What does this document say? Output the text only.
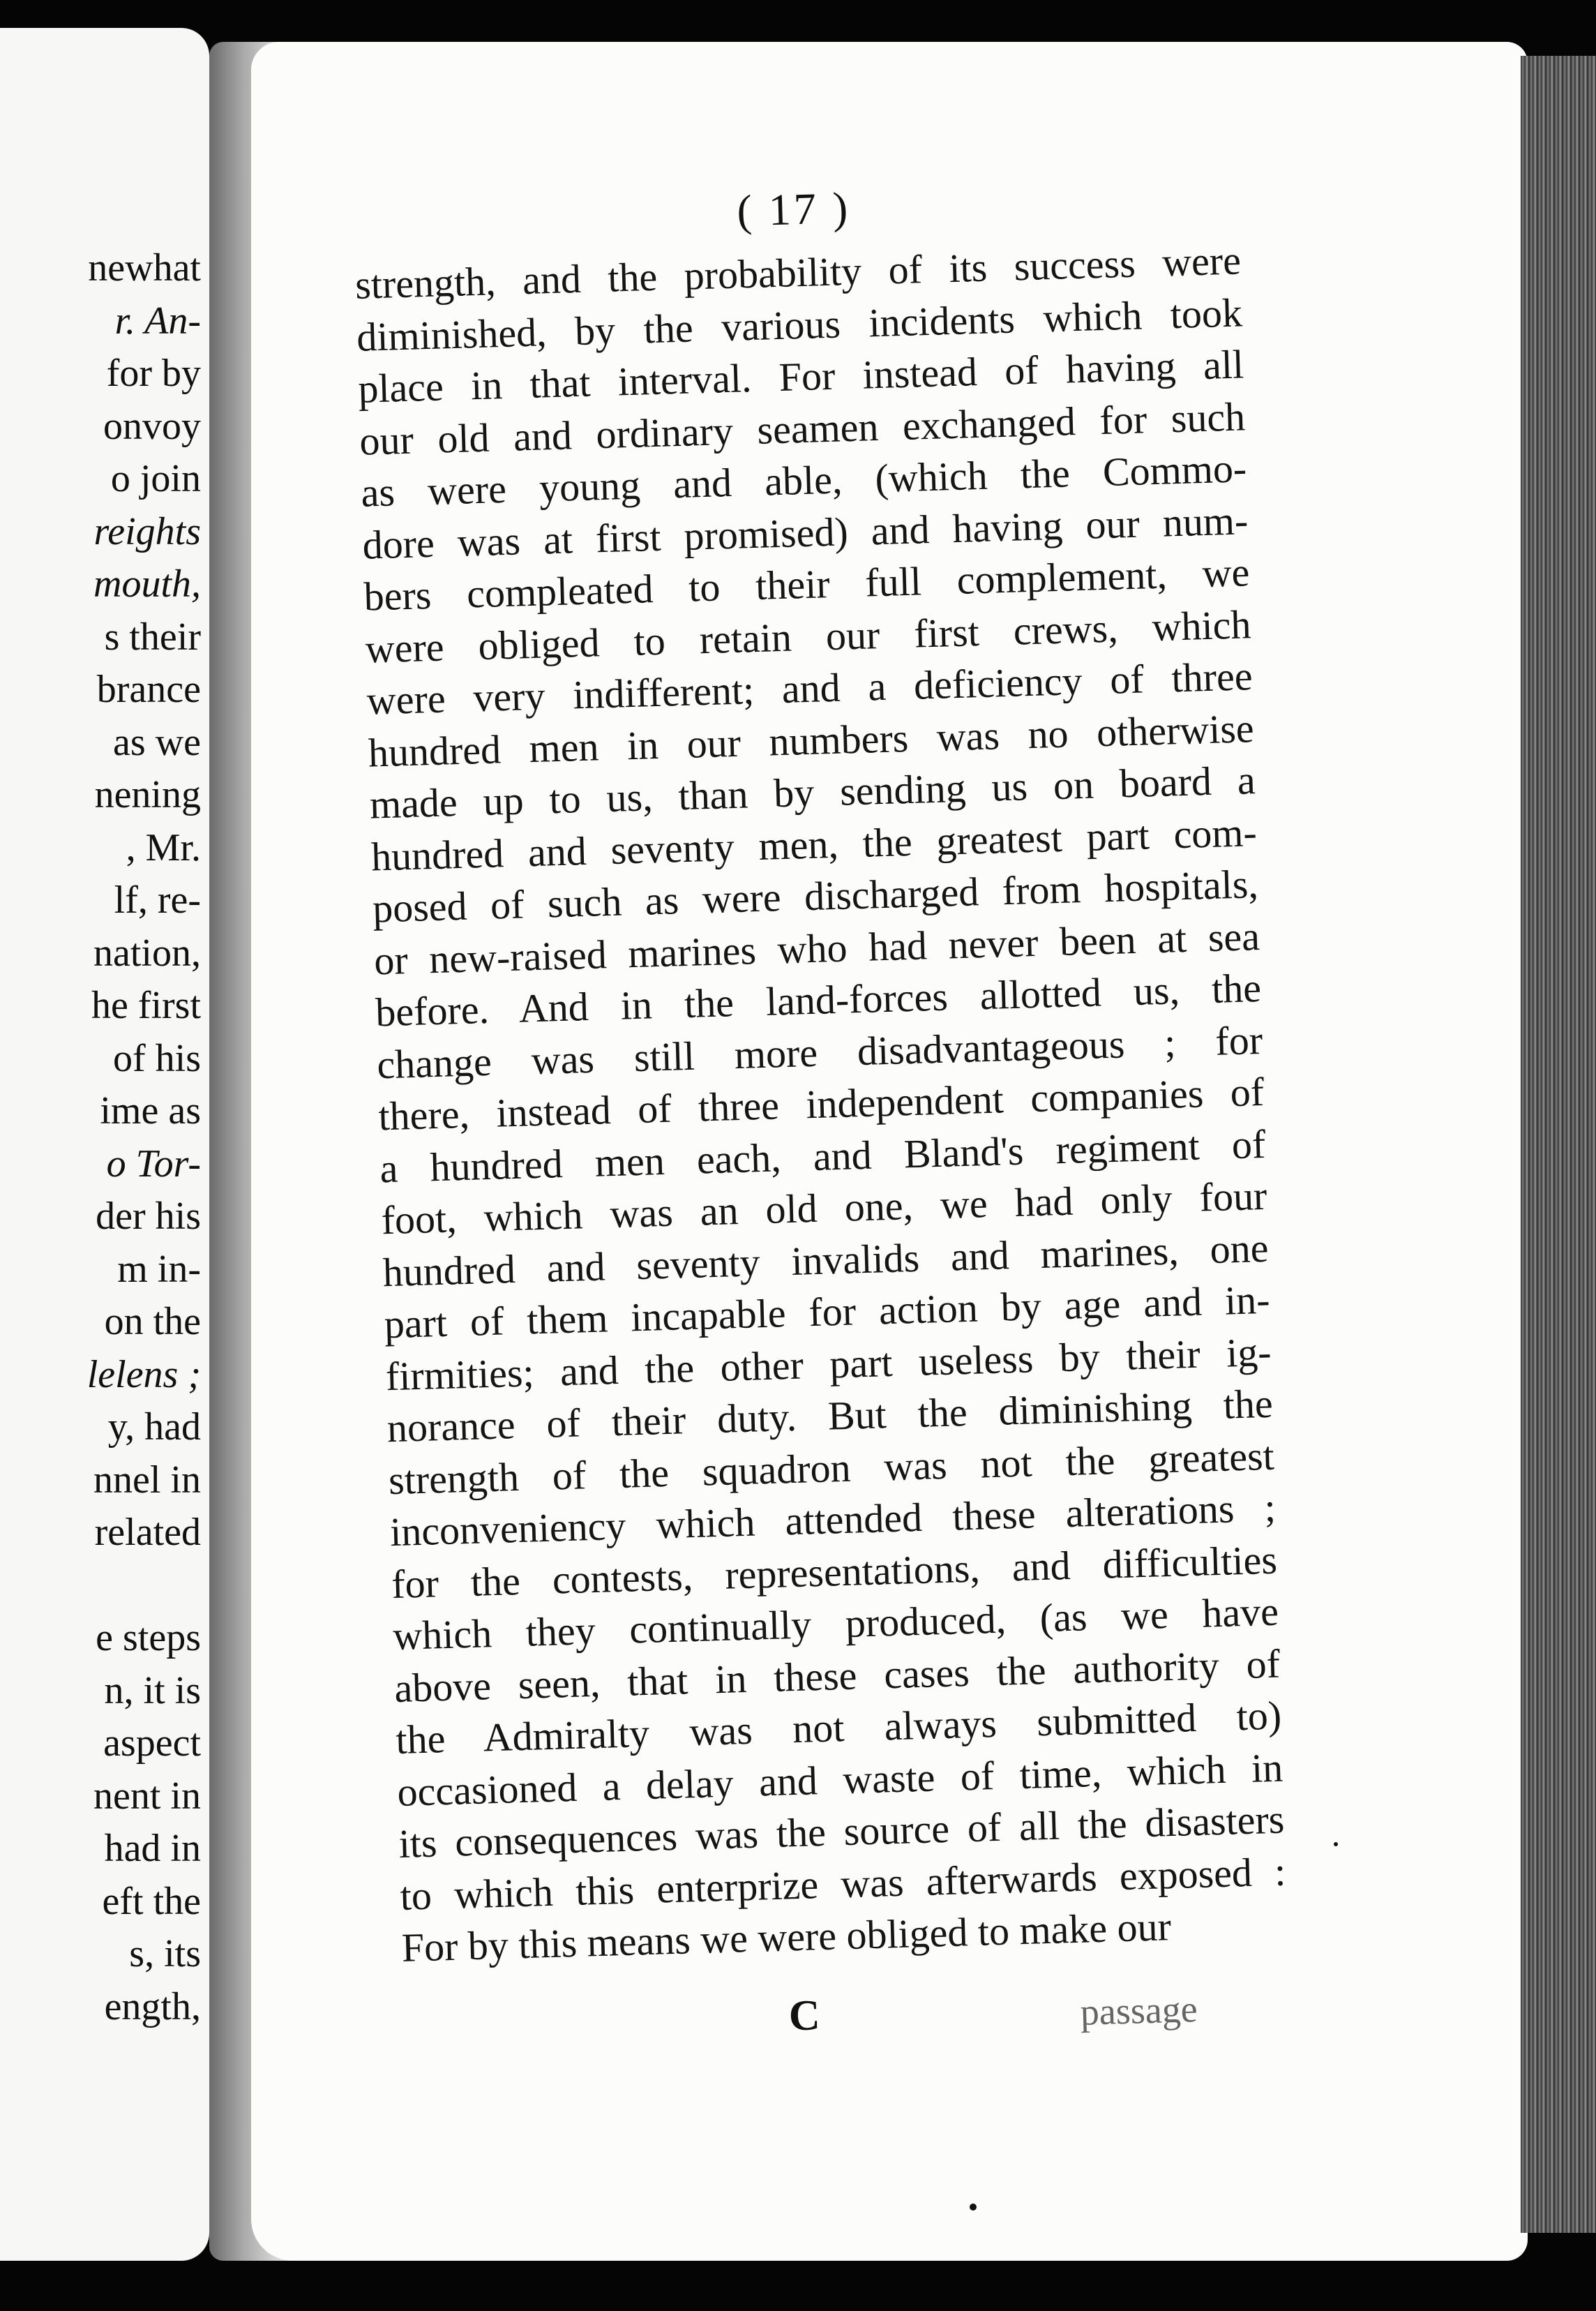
newhat
r. An-
for by
onvoy
o join
reights
mouth,
s their
brance
as we
nening
, Mr.
lf, re-
nation,
he first
of his
ime as
o Tor-
der his
m in-
on the
lelens ;
y, had
nnel in
related
e steps
n, it is
aspect
nent in
had in
eft the
s, its
ength,
( 17 )
C	passage
strength, and the probability of its success were
diminished, by the various incidents which took
place in that interval. For instead of having all
our old and ordinary seamen exchanged for such
as were young and able, (which the Commo-
dore was at first promised) and having our num-
bers compleated to their full complement, we
were obliged to retain our first crews, which
were very indifferent; and a deficiency of three
hundred men in our numbers was no otherwise
made up to us, than by sending us on board a
hundred and seventy men, the greatest part com-
posed of such as were discharged from hospitals,
or new-raised marines who had never been at sea
before. And in the land-forces allotted us, the
change was still more disadvantageous ; for
there, instead of three independent companies of
a hundred men each, and Bland's regiment of
foot, which was an old one, we had only four
hundred and seventy invalids and marines, one
part of them incapable for action by age and in-
firmities; and the other part useless by their ig-
norance of their duty. But the diminishing the
strength of the squadron was not the greatest
inconveniency which attended these alterations ;
for the contests, representations, and difficulties
which they continually produced, (as we have
above seen, that in these cases the authority of
the Admiralty was not always submitted to)
occasioned a delay and waste of time, which in
its consequences was the source of all the disasters
to which this enterprize was afterwards exposed :
For by this means we were obliged to make our
